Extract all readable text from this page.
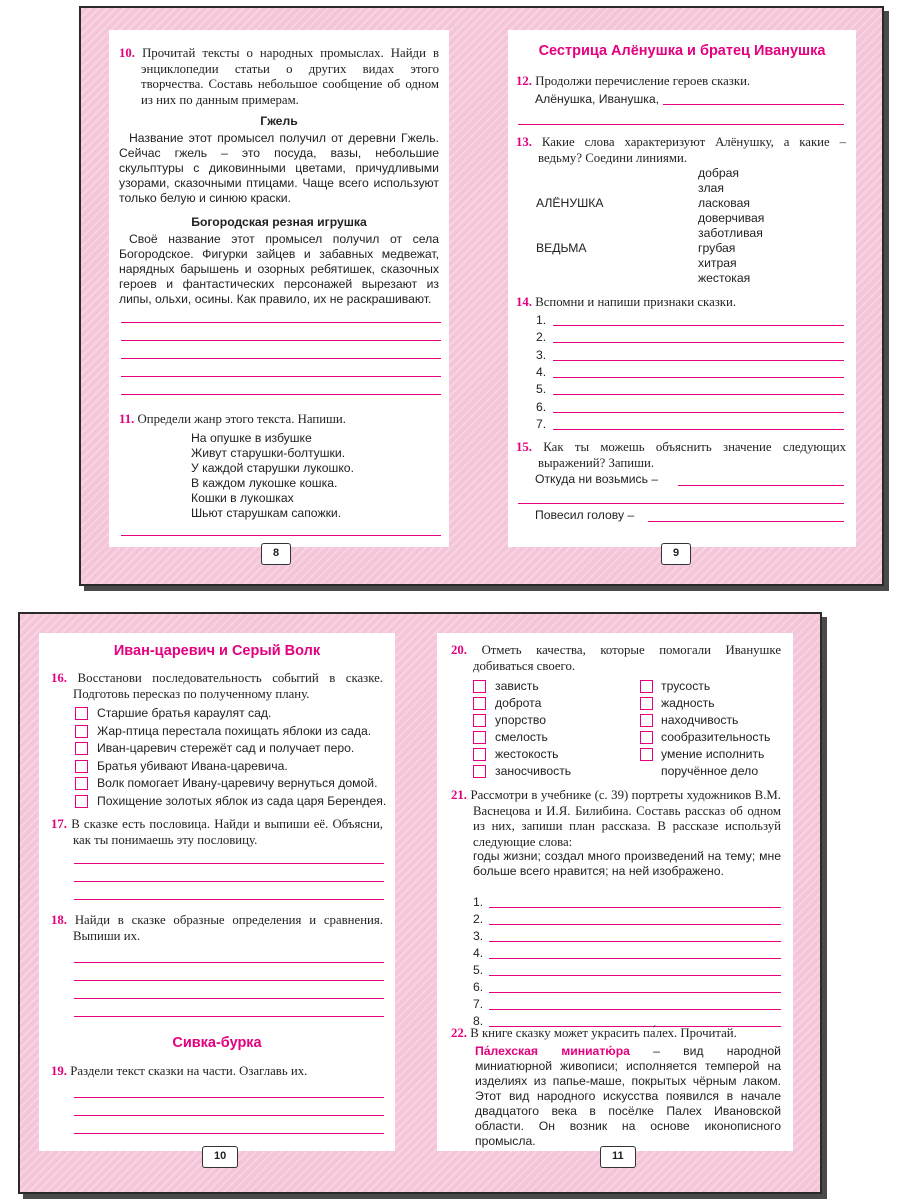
10. Прочитай тексты о народных промыслах. Найди в энциклопедии статьи о других видах этого творчества. Составь небольшое сообщение об одном из них по данным примерам.
Гжель
Название этот промысел получил от деревни Гжель. Сейчас гжель – это посуда, вазы, небольшие скульптуры с диковинными цветами, причудливыми узорами, сказочными птицами. Чаще всего используют только белую и синюю краски.
Богородская резная игрушка
Своё название этот промысел получил от села Богородское. Фигурки зайцев и забавных медвежат, нарядных барышень и озорных ребятишек, сказочных героев и фантастических персонажей вырезают из липы, ольхи, осины. Как правило, их не раскрашивают.
11. Определи жанр этого текста. Напиши.
На опушке в избушке
Живут старушки-болтушки.
У каждой старушки лукошко.
В каждом лукошке кошка.
Кошки в лукошках
Шьют старушкам сапожки.
8
Сестрица Алёнушка и братец Иванушка
12. Продолжи перечисление героев сказки.
Алёнушка, Иванушка,
13. Какие слова характеризуют Алёнушку, а какие – ведьму? Соедини линиями.
АЛЁНУШКА
ВЕДЬМА
добрая
злая
ласковая
доверчивая
заботливая
грубая
хитрая
жестокая
14. Вспомни и напиши признаки сказки.
1.
2.
3.
4.
5.
6.
7.
15. Как ты можешь объяснить значение следующих выражений? Запиши.
Откуда ни возьмись –
Повесил голову –
9
Иван-царевич и Серый Волк
16. Восстанови последовательность событий в сказке. Подготовь пересказ по полученному плану.
Старшие братья караулят сад.
Жар-птица перестала похищать яблоки из сада.
Иван-царевич стережёт сад и получает перо.
Братья убивают Ивана-царевича.
Волк помогает Ивану-царевичу вернуться домой.
Похищение золотых яблок из сада царя Берендея.
17. В сказке есть пословица. Найди и выпиши её. Объясни, как ты понимаешь эту пословицу.
18. Найди в сказке образные определения и сравнения. Выпиши их.
Сивка-бурка
19. Раздели текст сказки на части. Озаглавь их.
10
20. Отметь качества, которые помогали Иванушке добиваться своего.
зависть
доброта
упорство
смелость
жестокость
заносчивость
трусость
жадность
находчивость
сообразительность
умение исполнить
поручённое дело
21. Рассмотри в учебнике (с. 39) портреты художников В.М. Васнецова и И.Я. Билибина. Составь рассказ об одном из них, запиши план рассказа. В рассказе используй следующие слова:
годы жизни; создал много произведений на тему; мне больше всего нравится; на ней изображено.
1.
2.
3.
4.
5.
6.
7.
8.
22. В книге сказку может украсить па́лех. Прочитай.
Па́лехская миниатю́ра – вид народной миниатюрной живописи; исполняется темперой на изделиях из папье-маше, покрытых чёрным лаком. Этот вид народного искусства появился в начале двадцатого века в посёлке Палех Ивановской области. Он возник на основе иконописного промысла.
11
